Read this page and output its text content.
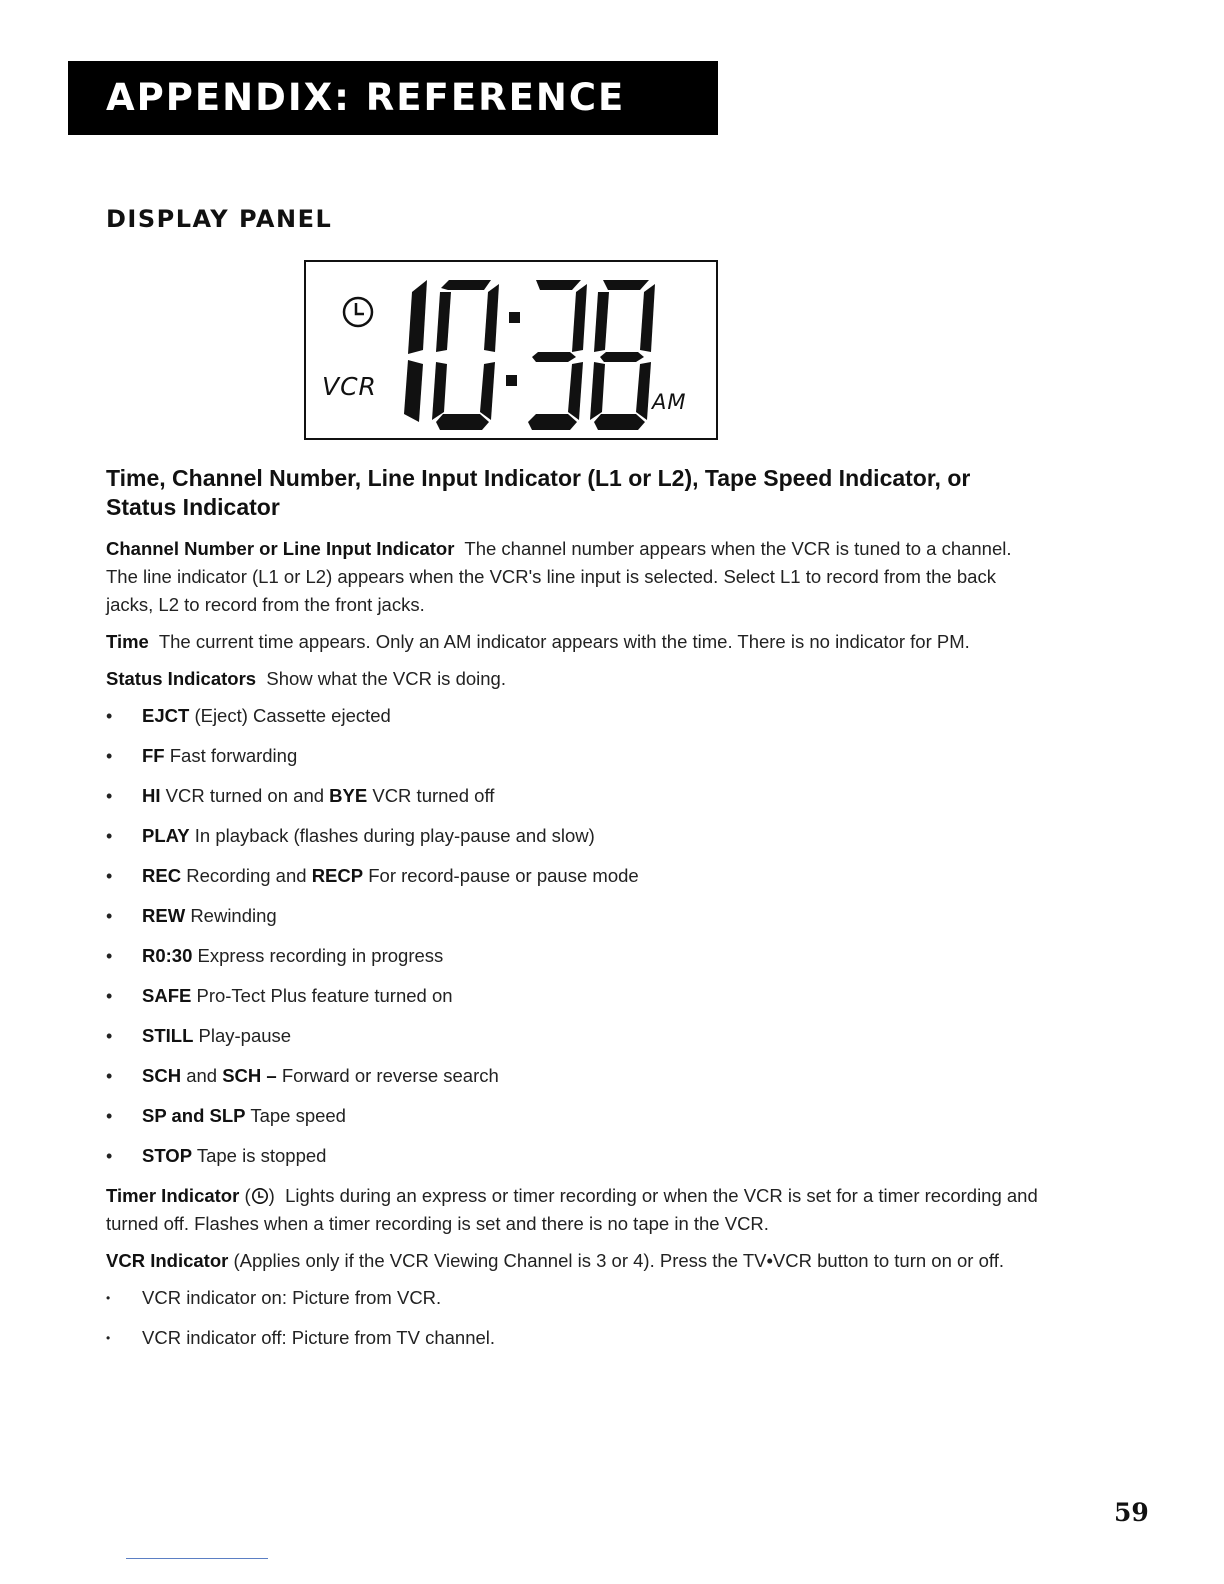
APPENDIX: REFERENCE
DISPLAY PANEL
VCR
AM
Time, Channel Number, Line Input Indicator (L1 or L2), Tape Speed Indicator, or Status Indicator

Channel Number or Line Input Indicator The channel number appears when the VCR is tuned to a channel. The line indicator (L1 or L2) appears when the VCR's line input is selected. Select L1 to record from the back jacks, L2 to record from the front jacks.

Time The current time appears. Only an AM indicator appears with the time. There is no indicator for PM.

Status Indicators Show what the VCR is doing.

• EJCT (Eject) Cassette ejected
• FF Fast forwarding
• HI VCR turned on and BYE VCR turned off
• PLAY In playback (flashes during play-pause and slow)
• REC Recording and RECP For record-pause or pause mode
• REW Rewinding
• R0:30 Express recording in progress
• SAFE Pro-Tect Plus feature turned on
• STILL Play-pause
• SCH and SCH – Forward or reverse search
• SP and SLP Tape speed
• STOP Tape is stopped

Timer Indicator ( ) Lights during an express or timer recording or when the VCR is set for a timer recording and turned off. Flashes when a timer recording is set and there is no tape in the VCR.

VCR Indicator (Applies only if the VCR Viewing Channel is 3 or 4). Press the TV•VCR button to turn on or off.

• VCR indicator on: Picture from VCR.
• VCR indicator off: Picture from TV channel.
59
